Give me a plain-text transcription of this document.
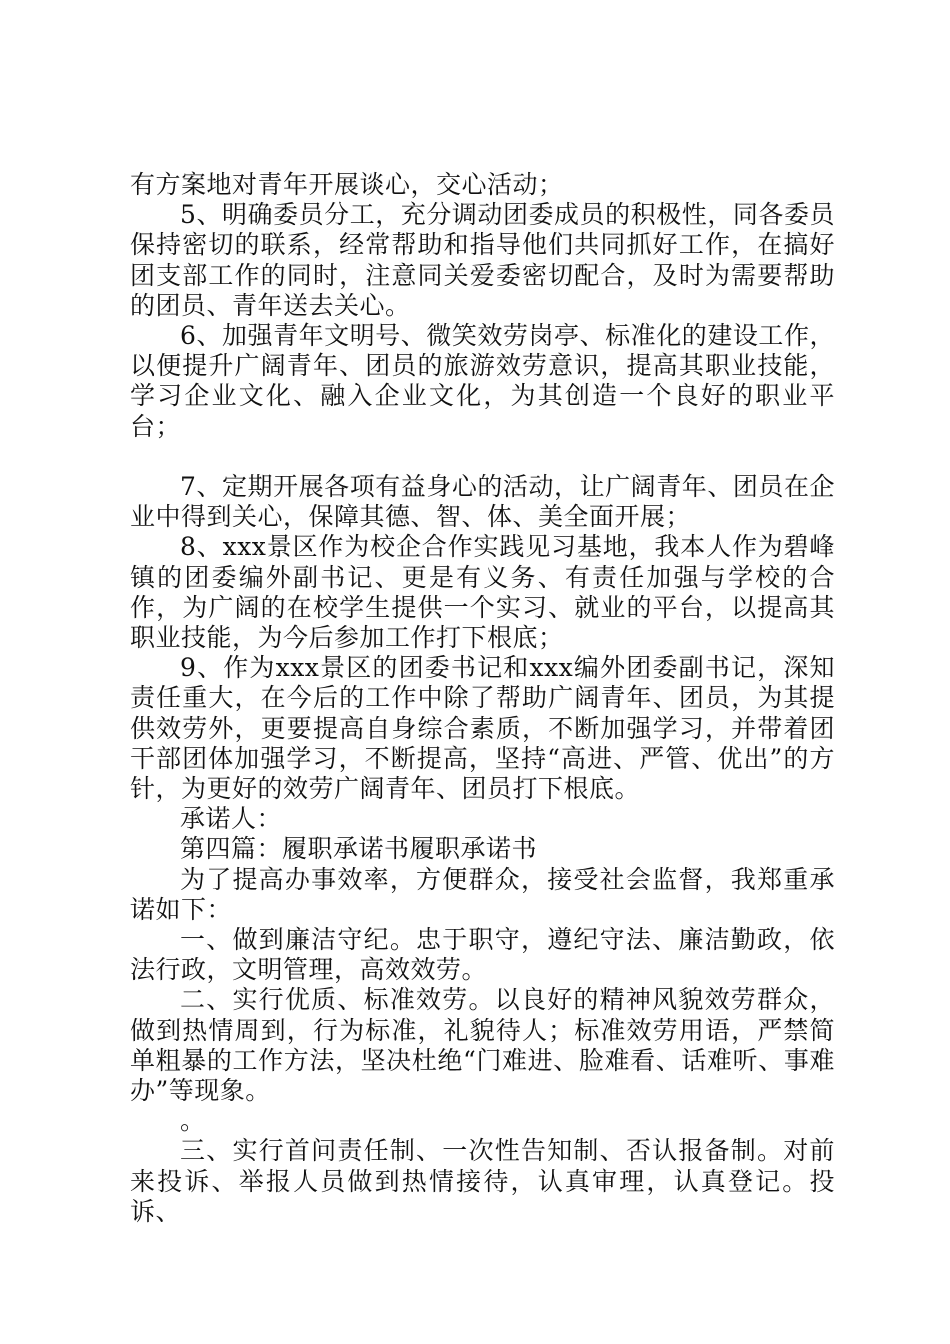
有方案地对青年开展谈心，交心活动；

5、明确委员分工，充分调动团委成员的积极性，同各委员保持密切的联系，经常帮助和指导他们共同抓好工作，在搞好团支部工作的同时，注意同关爱委密切配合，及时为需要帮助的团员、青年送去关心。

6、加强青年文明号、微笑效劳岗亭、标准化的建设工作，以便提升广阔青年、团员的旅游效劳意识，提高其职业技能，学习企业文化、融入企业文化，为其创造一个良好的职业平台；

7、定期开展各项有益身心的活动，让广阔青年、团员在企业中得到关心，保障其德、智、体、美全面开展；

8、xxx景区作为校企合作实践见习基地，我本人作为碧峰镇的团委编外副书记、更是有义务、有责任加强与学校的合作，为广阔的在校学生提供一个实习、就业的平台，以提高其职业技能，为今后参加工作打下根底；

9、作为xxx景区的团委书记和xxx编外团委副书记，深知责任重大，在今后的工作中除了帮助广阔青年、团员，为其提供效劳外，更要提高自身综合素质，不断加强学习，并带着团干部团体加强学习，不断提高，坚持“高进、严管、优出”的方针，为更好的效劳广阔青年、团员打下根底。

承诺人：

第四篇：履职承诺书履职承诺书

为了提高办事效率，方便群众，接受社会监督，我郑重承诺如下：

一、做到廉洁守纪。忠于职守，遵纪守法、廉洁勤政，依法行政，文明管理，高效效劳。

二、实行优质、标准效劳。以良好的精神风貌效劳群众，做到热情周到，行为标准，礼貌待人；标准效劳用语，严禁简单粗暴的工作方法，坚决杜绝“门难进、脸难看、话难听、事难办”等现象。

。

三、实行首问责任制、一次性告知制、否认报备制。对前来投诉、举报人员做到热情接待，认真审理，认真登记。投诉、
